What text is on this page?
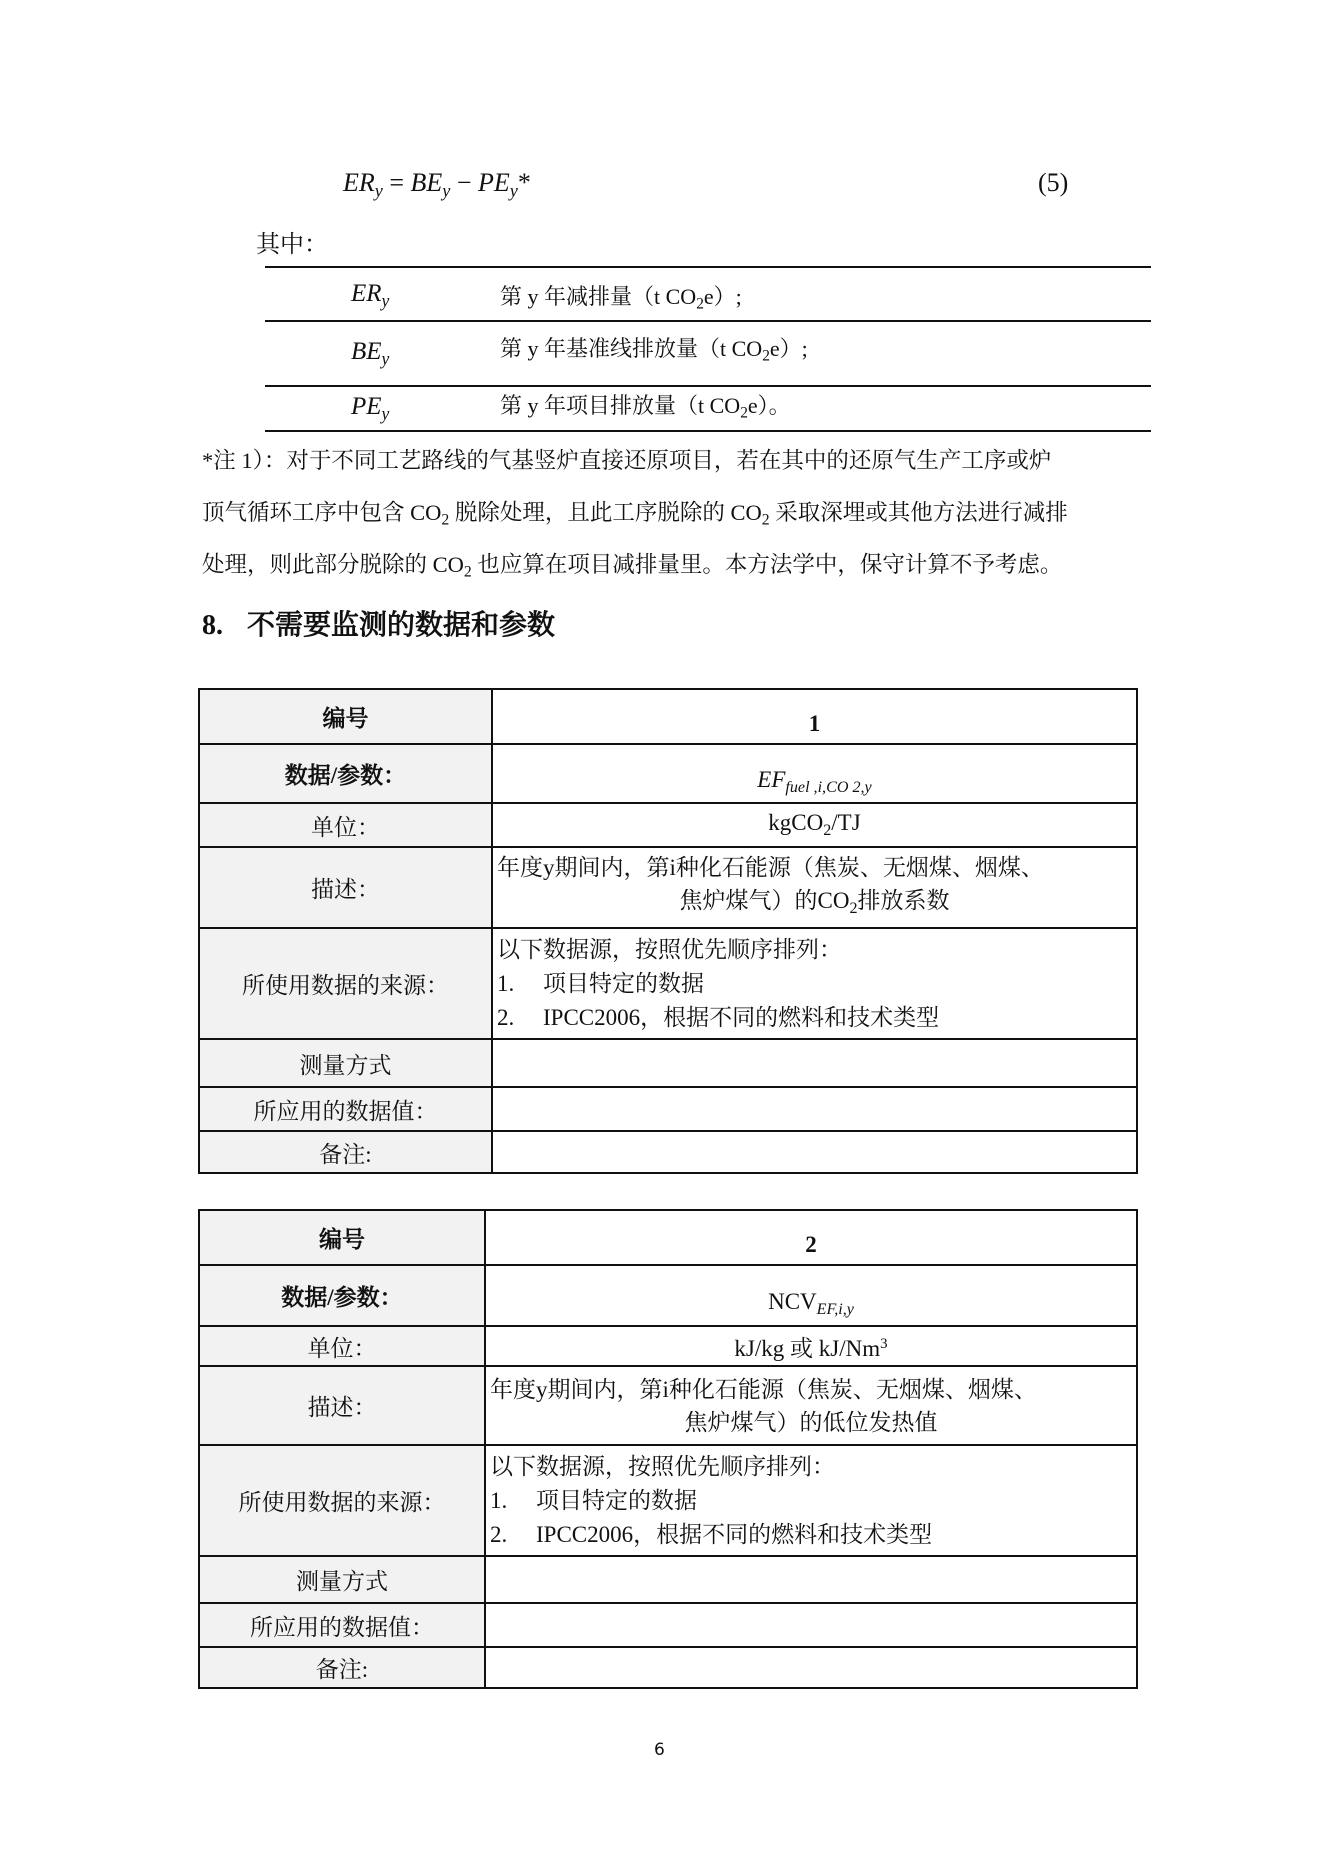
$ER_y = BE_y - PE_y*$	(5)
其中：
$ER_y$	第 y 年减排量（t $CO_2e$）;
$BE_y$	第 y 年基准线排放量（t $CO_2e$）;
$PE_y$	第 y 年项目排放量（t $CO_2e$）。
*注 1）：对于不同工艺路线的气基竖炉直接还原项目，若在其中的还原气生产工序或炉
顶气循环工序中包含 $CO_2$ 脱除处理，且此工序脱除的 $CO_2$ 采取深埋或其他方法进行减排
处理，则此部分脱除的 $CO_2$ 也应算在项目减排量里。本方法学中，保守计算不予考虑。
8. 不需要监测的数据和参数
编号	1
数据/参数：	$EF_{fuel ,i,CO 2,y}$
单位：	kgCO$_2$/TJ
描述：	年度y期间内，第i种化石能源（焦炭、无烟煤、烟煤、
焦炉煤气）的$CO_2$排放系数

所使用数据的来源：	以下数据源，按照优先顺序排列：
1. 项目特定的数据
2. IPCC2006，根据不同的燃料和技术类型

测量方式	
所应用的数据值：	
备注:	
编号	2
数据/参数：	$NCV_{EF,i,y}$
单位：	kJ/kg 或 kJ/Nm$^3$
描述：	年度y期间内，第i种化石能源（焦炭、无烟煤、烟煤、
焦炉煤气）的低位发热值

所使用数据的来源：	以下数据源，按照优先顺序排列：
1. 项目特定的数据
2. IPCC2006，根据不同的燃料和技术类型

测量方式	
所应用的数据值：	
备注:	
6
